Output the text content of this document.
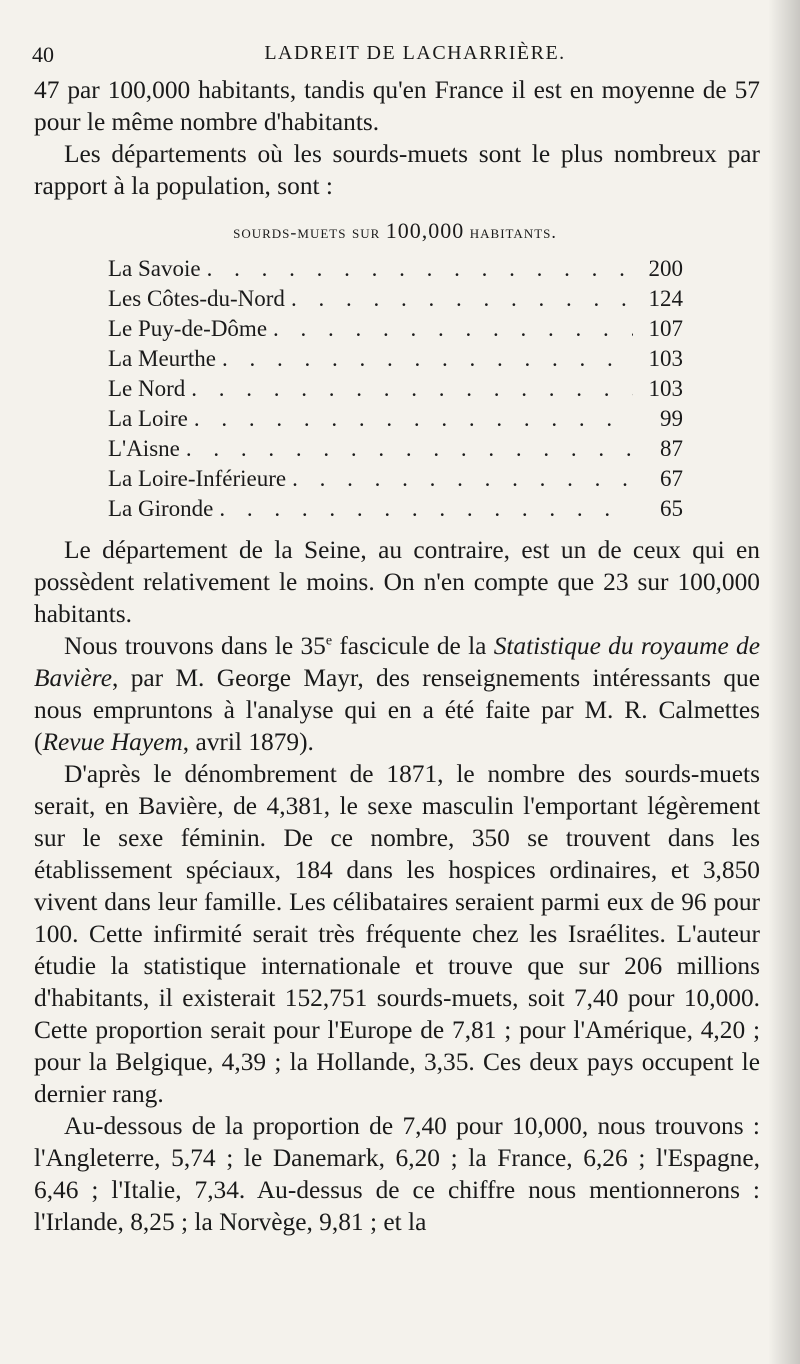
40	LADREIT DE LACHARRIÈRE.

47 par 100,000 habitants, tandis qu'en France il est en moyenne de 57 pour le même nombre d'habitants.

Les départements où les sourds-muets sont le plus nombreux par rapport à la population, sont :

sourds-muets sur 100,000 habitants.
La Savoie . . .	200
Les Côtes-du-Nord . . .	124
Le Puy-de-Dôme . . .	107
La Meurthe . . .	103
Le Nord . . .	103
La Loire . . .	99
L'Aisne . . .	87
La Loire-Inférieure . . .	67
La Gironde . . .	65

Le département de la Seine, au contraire, est un de ceux qui en possèdent relativement le moins. On n'en compte que 23 sur 100,000 habitants.

Nous trouvons dans le 35e fascicule de la Statistique du royaume de Bavière, par M. George Mayr, des renseignements intéressants que nous empruntons à l'analyse qui en a été faite par M. R. Calmettes (Revue Hayem, avril 1879).

D'après le dénombrement de 1871, le nombre des sourds-muets serait, en Bavière, de 4,381, le sexe masculin l'emportant légèrement sur le sexe féminin. De ce nombre, 350 se trouvent dans les établissement spéciaux, 184 dans les hospices ordinaires, et 3,850 vivent dans leur famille. Les célibataires seraient parmi eux de 96 pour 100. Cette infirmité serait très fréquente chez les Israélites. L'auteur étudie la statistique internationale et trouve que sur 206 millions d'habitants, il existerait 152,751 sourds-muets, soit 7,40 pour 10,000. Cette proportion serait pour l'Europe de 7,81 ; pour l'Amérique, 4,20 ; pour la Belgique, 4,39 ; la Hollande, 3,35. Ces deux pays occupent le dernier rang.

Au-dessous de la proportion de 7,40 pour 10,000, nous trouvons : l'Angleterre, 5,74 ; le Danemark, 6,20 ; la France, 6,26 ; l'Espagne, 6,46 ; l'Italie, 7,34. Au-dessus de ce chiffre nous mentionnerons : l'Irlande, 8,25 ; la Norvège, 9,81 ; et la
